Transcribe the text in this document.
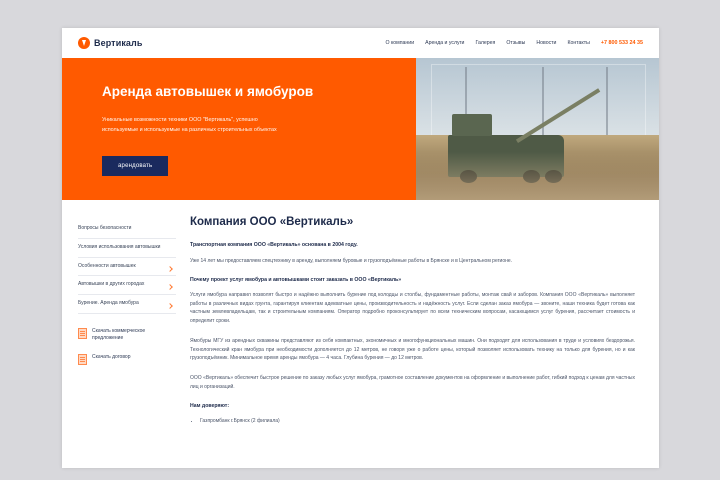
Вертикаль	О компании Аренда и услуги Галерея Отзывы Новости Контакты +7 800 533 24 35
Аренда автовышек и ямобуров

Уникальные возможности техники ООО "Вертикаль", успешно используемые и используемые на различных строительных объектах

арендовать
Вопросы безопасности
Условия использования автовышки
Особенности автовышек
Автовышки в других городах
Бурение. Аренда ямобура
Скачать коммерческое предложение
Скачать договор
Компания ООО «Вертикаль»

Транспортная компания ООО «Вертикаль» основана в 2004 году.

Уже 14 лет мы предоставляем спецтехнику в аренду, выполняем буровые и грузоподъёмные работы в Брянске и в Центральном регионе.

Почему проект услуг ямобура и автовышками стоит заказать в ООО «Вертикаль»

Услуги ямобура направил позволят быстро и надёжно выполнить бурение под колодцы и столбы, фундаментные работы, монтаж свай и заборов. Компания ООО «Вертикаль» выполняет работы в различных видах грунта, гарантируя клиентам адекватные цены, производительность и надёжность услуг. Если сделан заказ ямобура — звоните, наши техника будет готова как частным землевладельцам, так и строительным компаниям. Оператор подробно проконсультирует по всем техническим вопросам, касающимся услуг бурения, рассчитает стоимость и определит сроки.

Ямобуры МГУ из арендных скважины представляют из себя компактных, экономичных и многофункциональных машин. Они подходят для использования в труде и условиях бездорожья. Технологический кран ямобура при необходимости дополняется до 12 метров, не говоря уже о работе цены, который позволяет использовать технику на только для бурения, но и как грузоподъёмник. Минимальное время аренды ямобура — 4 часа. Глубина бурения — до 12 метров.

ООО «Вертикаль» обеспечит быстрое решение по заказу любых услуг ямобура, грамотное составление документов на оформление и выполнение работ, гибкий подход к ценам для частных лиц и организаций.

Нам доверяют:

• Газпромбанк г.Брянск (2 филиала)
